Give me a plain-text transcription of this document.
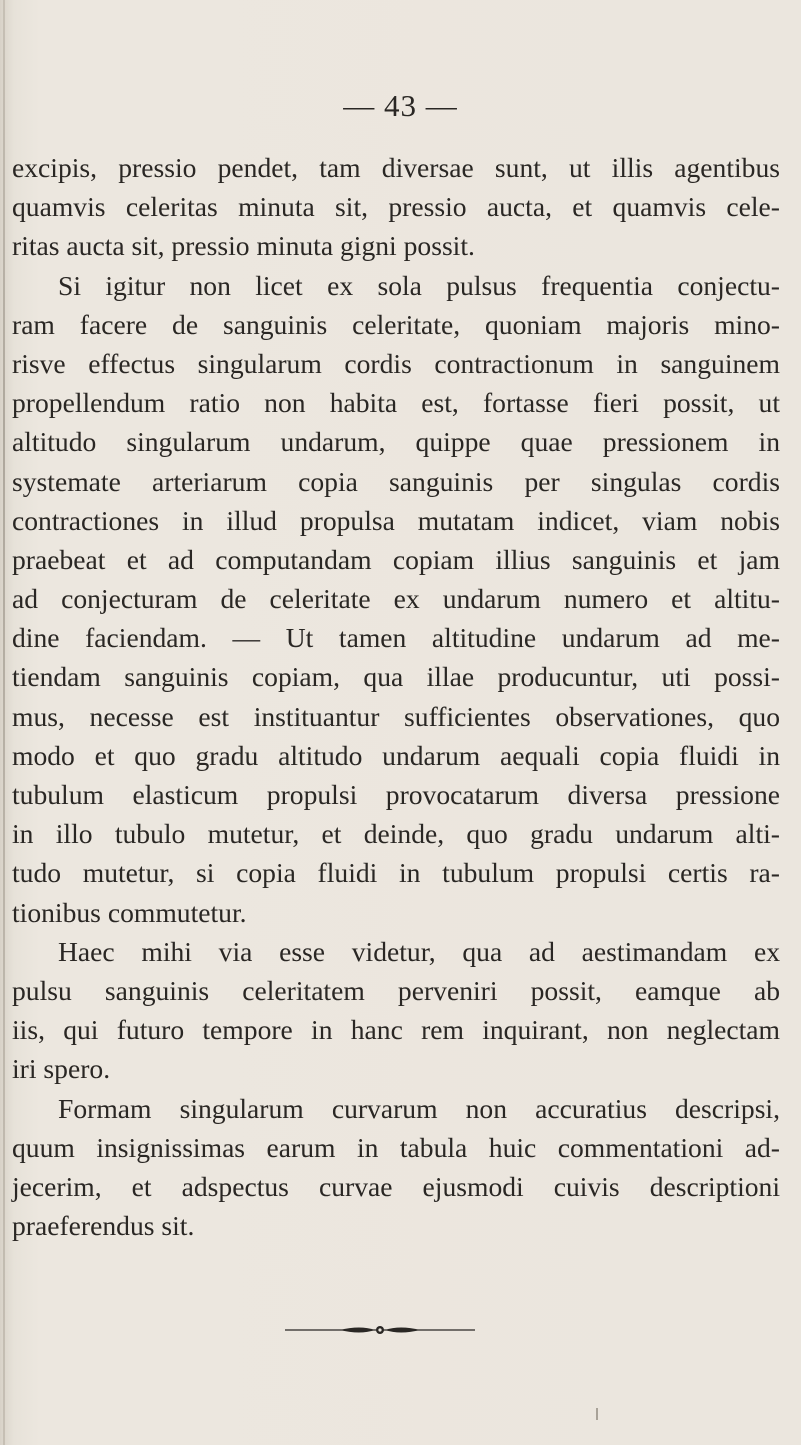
— 43 —
excipis, pressio pendet, tam diversae sunt, ut illis agentibus
quamvis celeritas minuta sit, pressio aucta, et quamvis cele-
ritas aucta sit, pressio minuta gigni possit.
Si igitur non licet ex sola pulsus frequentia conjectu-
ram facere de sanguinis celeritate, quoniam majoris mino-
risve effectus singularum cordis contractionum in sanguinem
propellendum ratio non habita est, fortasse fieri possit, ut
altitudo singularum undarum, quippe quae pressionem in
systemate arteriarum copia sanguinis per singulas cordis
contractiones in illud propulsa mutatam indicet, viam nobis
praebeat et ad computandam copiam illius sanguinis et jam
ad conjecturam de celeritate ex undarum numero et altitu-
dine faciendam. — Ut tamen altitudine undarum ad me-
tiendam sanguinis copiam, qua illae producuntur, uti possi-
mus, necesse est instituantur sufficientes observationes, quo
modo et quo gradu altitudo undarum aequali copia fluidi in
tubulum elasticum propulsi provocatarum diversa pressione
in illo tubulo mutetur, et deinde, quo gradu undarum alti-
tudo mutetur, si copia fluidi in tubulum propulsi certis ra-
tionibus commutetur.
Haec mihi via esse videtur, qua ad aestimandam ex
pulsu sanguinis celeritatem perveniri possit, eamque ab
iis, qui futuro tempore in hanc rem inquirant, non neglectam
iri spero.
Formam singularum curvarum non accuratius descripsi,
quum insignissimas earum in tabula huic commentationi ad-
jecerim, et adspectus curvae ejusmodi cuivis descriptioni
praeferendus sit.
